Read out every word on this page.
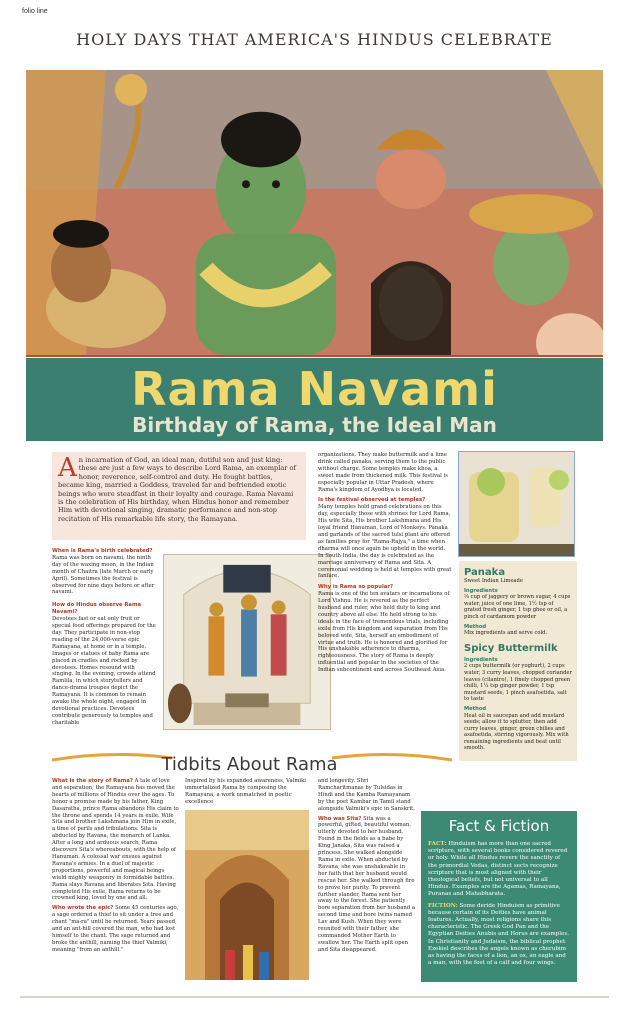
folio line
HOLY DAYS THAT AMERICA'S HINDUS CELEBRATE
Rama Navami
Birthday of Rama, the Ideal Man
A n incarnation of God, an ideal man, dutiful son and just king: these are just a few ways to describe Lord Rama, an exemplar of honor, reverence, self-control and duty. He fought battles, became king, married a Goddess, traveled far and befriended exotic beings who were steadfast in their loyalty and courage. Rama Navami is the celebration of His birthday, when Hindus honor and remember Him with devotional singing, dramatic performance and non-stop recitation of His remarkable life story, the Ramayana.
When is Rama's birth celebrated?
Rama was born on navami, the ninth day of the waxing moon, in the Indian month of Chaitra (late March or early April). Sometimes the festival is observed for nine days before or after navami.
How do Hindus observe Rama Navami?
Devotees fast or eat only fruit or special food offerings prepared for the day. They participate in non-stop reading of the 24,000-verse epic Ramayana, at home or in a temple. Images or statues of baby Rama are placed in cradles and rocked by devotees. Homes resound with singing. In the evening, crowds attend Ramlila, in which storytellers and dance-drama troupes depict the Ramayana. It is common to remain awake the whole night, engaged in devotional practices. Devotees contribute generously to temples and charitable
organizations. They make buttermilk and a lime drink called panaka, serving them to the public without charge. Some temples make khoa, a sweet made from thickened milk. This festival is especially popular in Uttar Pradesh, where Rama's kingdom of Ayodhya is located.
Is the festival observed at temples?
Many temples hold grand celebrations on this day, especially those with shrines for Lord Rama, His wife Sita, His brother Lakshmana and His loyal friend Hanuman, Lord of Monkeys. Panaka and garlands of the sacred tulsi plant are offered as families pray for "Rama-Rajya," a time when dharma will once again be upheld in the world. In South India, the day is celebrated as the marriage anniversary of Rama and Sita. A ceremonial wedding is held at temples with great fanfare.
Why is Rama so popular?
Rama is one of the ten avatars or incarnations of Lord Vishnu. He is revered as the perfect husband and ruler, who held duty to king and country above all else. He held strong to his ideals in the face of tremendous trials, including exile from His kingdom and separation from His beloved wife, Sita, herself an embodiment of virtue and truth. He is honored and glorified for His unshakable adherence to dharma, righteousness. The story of Rama is deeply influential and popular in the societies of the Indian subcontinent and across Southeast Asia.
Panaka
Sweet Indian Limeade
Ingredients
⅓ cup of jaggery or brown sugar, 4 cups water, juice of one lime, 1½ tsp of grated fresh ginger, 1 tsp ghee or oil, a pinch of cardamom powder
Method
Mix ingredients and serve cold.
Spicy Buttermilk
Ingredients
2 cups buttermilk (or yoghurt), 2 cups water, 3 curry leaves, chopped coriander leaves (cilantro), 1 finely chopped green chilli, 1¼ tsp ginger powder, 1 tsp mustard seeds, 1 pinch asafoetida, salt to taste
Method
Heat oil in saucepan and add mustard seeds; allow it to splutter, then add curry leaves, ginger, green chilies and asafoetida, stirring vigorously. Mix with remaining ingredients and beat until smooth.
Tidbits About Rama
What is the story of Rama? A tale of love and separation, the Ramayana has moved the hearts of millions of Hindus over the ages. To honor a promise made by his father, King Dasaratha, prince Rama abandons His claim to the throne and spends 14 years in exile. Wife Sita and brother Lakshmana join Him in exile, a time of perils and tribulations. Sita is abducted by Ravana, the monarch of Lanka. After a long and arduous search, Rama discovers Sita's whereabouts, with the help of Hanuman. A colossal war ensues against Ravana's armies. In a duel of majestic proportions, powerful and magical beings wield mighty weaponry in formidable battles. Rama slays Ravana and liberates Sita. Having completed His exile, Rama returns to be crowned king, loved by one and all.
Who wrote the epic? Some 45 centuries ago, a sage ordered a thief to sit under a tree and chant "ma-ra" until he returned. Years passed, and an ant-hill covered the man, who had lost himself to the chant. The sage returned and broke the anthill, naming the thief Valmiki, meaning "from an anthill."
Inspired by his expanded awareness, Valmiki immortalized Rama by composing the Ramayana, a work unmatched in poetic excellence
and longevity. Shri Ramcharitmanas by Tulsidas in Hindi and the Kamba Ramayanam by the poet Kambar in Tamil stand alongside Valmiki's epic in Sanskrit.
Who was Sita? Sita was a powerful, gifted, beautiful woman, utterly devoted to her husband. Found in the fields as a babe by King Janaka, Sita was raised a princess. She walked alongside Rama in exile. When abducted by Ravana, she was unshakeable in her faith that her husband would rescue her. She walked through fire to prove her purity. To prevent further slander, Rama sent her away to the forest. She patiently bore separation from her husband a second time and bore twins named Lav and Kush. When they were reunited with their father, she commanded Mother Earth to swallow her. The Earth split open and Sita disappeared.
Fact & Fiction
FACT: Hinduism has more than one sacred scripture, with several books considered revered or holy. While all Hindus revere the sanctity of the primordial Vedas, distinct sects recognize scripture that is most aligned with their theological beliefs, but not universal to all Hindus. Examples are the Agamas, Ramayana, Puranas and Mahabharata.
FICTION: Some deride Hinduism as primitive because certain of its Deities have animal features. Actually, most religions share this characteristic. The Greek God Pan and the Egyptian Deities Anubis and Horus are examples. In Christianity and Judaism, the biblical prophet Ezekiel describes the angels known as cherubim as having the faces of a lion, an ox, an eagle and a man, with the feet of a calf and four wings.
